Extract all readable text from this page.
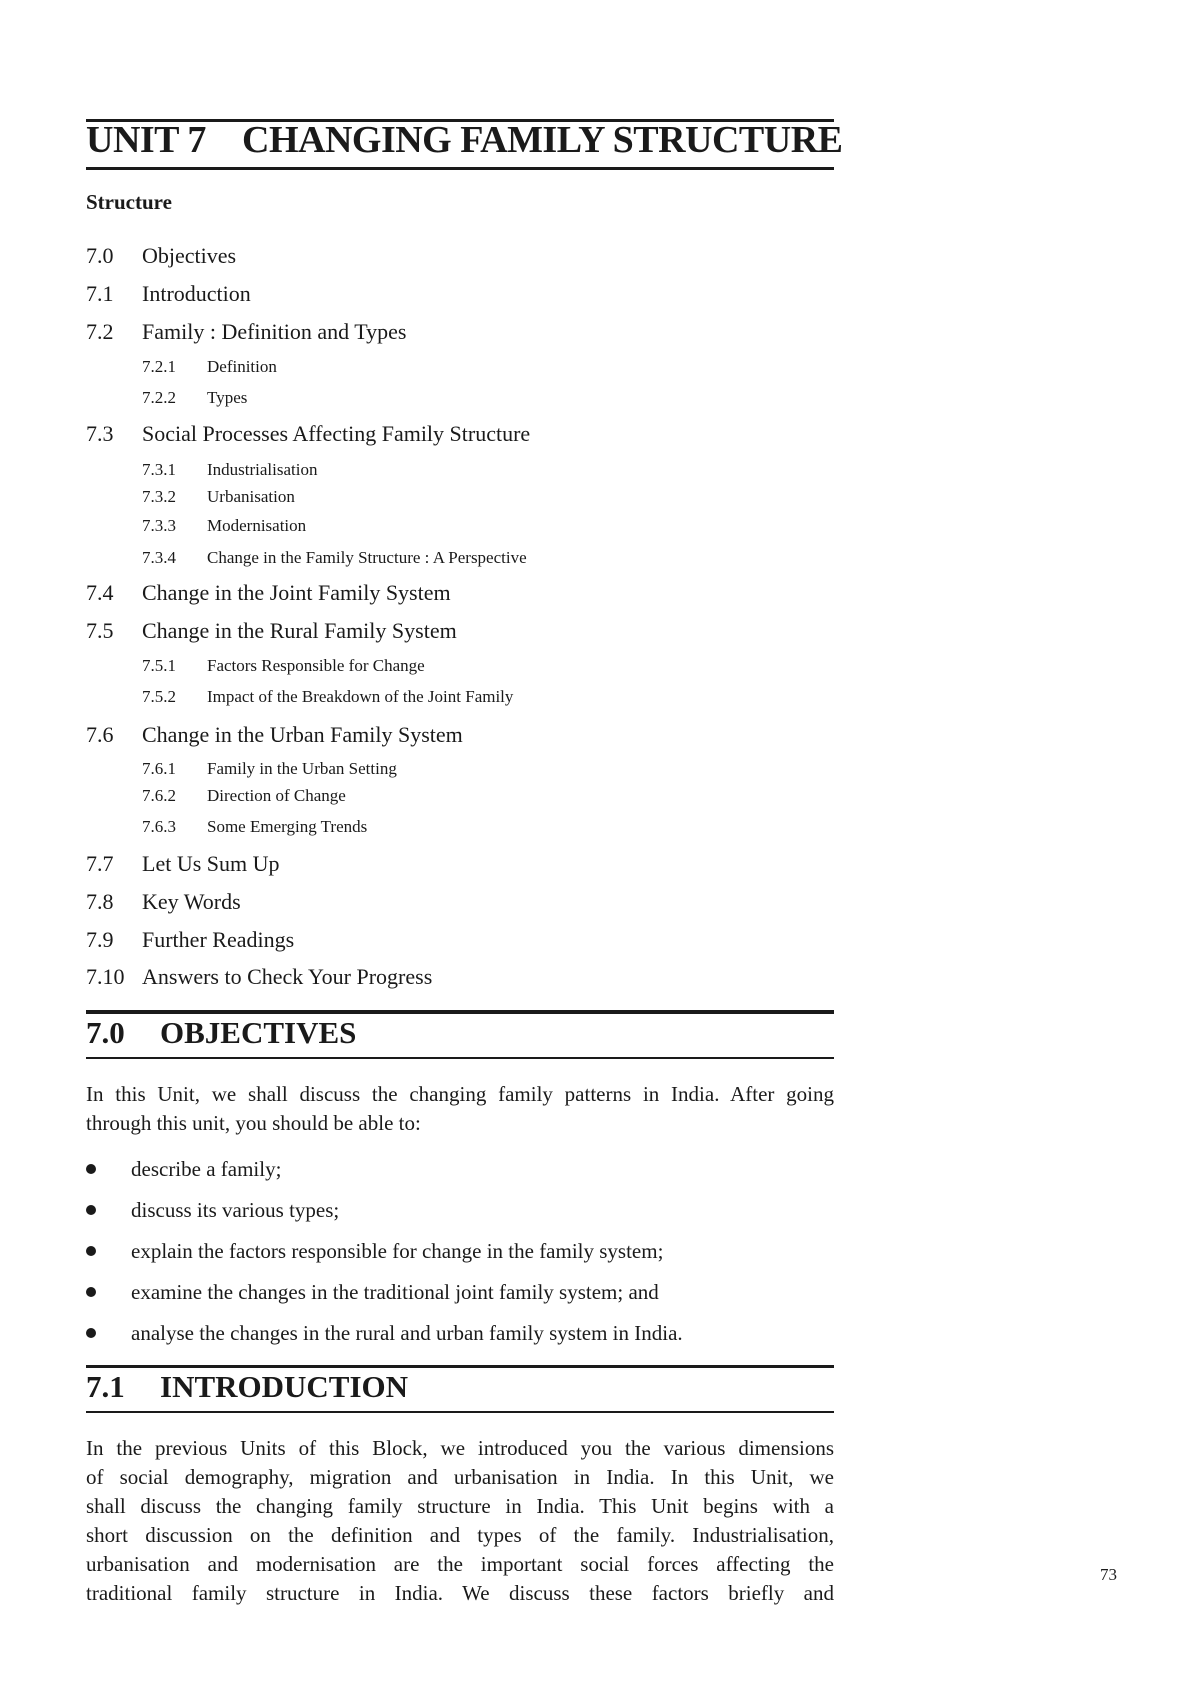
UNIT 7 CHANGING FAMILY STRUCTURE
Structure
7.0 Objectives
7.1 Introduction
7.2 Family : Definition and Types
7.2.1 Definition
7.2.2 Types
7.3 Social Processes Affecting Family Structure
7.3.1 Industrialisation
7.3.2 Urbanisation
7.3.3 Modernisation
7.3.4 Change in the Family Structure : A Perspective
7.4 Change in the Joint Family System
7.5 Change in the Rural Family System
7.5.1 Factors Responsible for Change
7.5.2 Impact of the Breakdown of the Joint Family
7.6 Change in the Urban Family System
7.6.1 Family in the Urban Setting
7.6.2 Direction of Change
7.6.3 Some Emerging Trends
7.7 Let Us Sum Up
7.8 Key Words
7.9 Further Readings
7.10 Answers to Check Your Progress
7.0 OBJECTIVES
In this Unit, we shall discuss the changing family patterns in India. After going
through this unit, you should be able to:
describe a family;
discuss its various types;
explain the factors responsible for change in the family system;
examine the changes in the traditional joint family system; and
analyse the changes in the rural and urban family system in India.
7.1 INTRODUCTION
In the previous Units of this Block, we introduced you the various dimensions
of social demography, migration and urbanisation in India. In this Unit, we
shall discuss the changing family structure in India. This Unit begins with a
short discussion on the definition and types of the family. Industrialisation,
urbanisation and modernisation are the important social forces affecting the
traditional family structure in India. We discuss these factors briefly and
73
